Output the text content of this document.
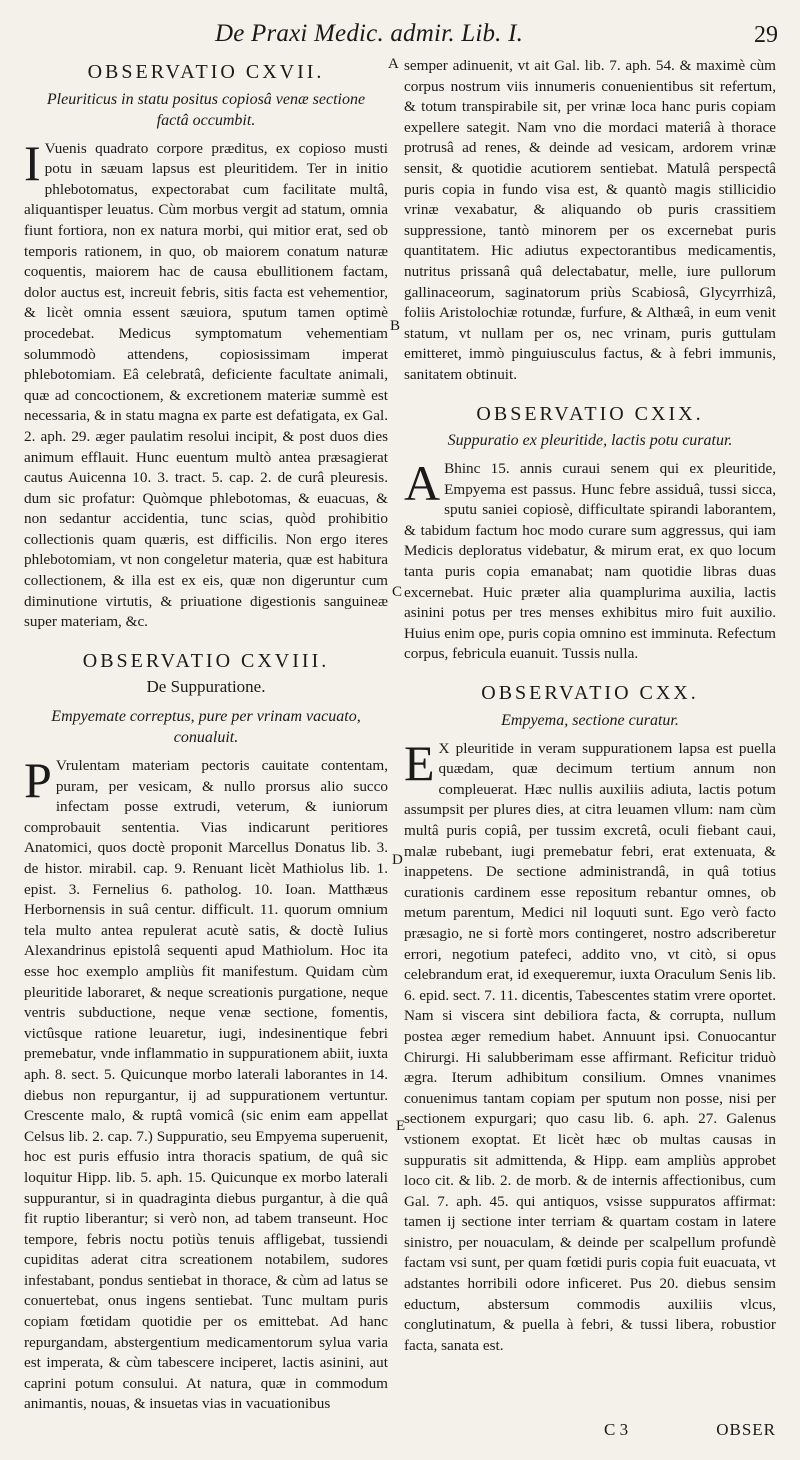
De Praxi Medic. admir. Lib. I.	29
OBSERVATIO CXVII.
Pleuriticus in statu positus copiosâ venæ sectione factâ occumbit.
I Vuenis quadrato corpore præditus, ex copioso musti potu in sæuam lapsus est pleuritidem. Ter in initio phlebotomatus, expectorabat cum facilitate multâ, aliquantisper leuatus. Cùm morbus vergit ad statum, omnia fiunt fortiora, non ex natura morbi, qui mitior erat, sed ob temporis rationem, in quo, ob maiorem conatum naturæ coquentis, maiorem hac de causa ebullitionem factam, dolor auctus est, increuit febris, sitis facta est vehementior, & licèt omnia essent sæuiora, sputum tamen optimè procedebat. Medicus symptomatum vehementiam solummodò attendens, copiosissimam imperat phlebotomiam. Eâ celebratâ, deficiente facultate animali, quæ ad concoctionem, & excretionem materiæ summè est necessaria, & in statu magna ex parte est defatigata, ex Gal. 2. aph. 29. æger paulatim resolui incipit, & post duos dies animum efflauit. Hunc euentum multò antea præsagierat cautus Auicenna 10. 3. tract. 5. cap. 2. de curâ pleuresis. dum sic profatur: Quòmque phlebotomas, & euacuas, & non sedantur accidentia, tunc scias, quòd prohibitio collectionis quam quæris, est difficilis. Non ergo iteres phlebotomiam, vt non congeletur materia, quæ est habitura collectionem, & illa est ex eis, quæ non digeruntur cum diminutione virtutis, & priuatione digestionis sanguineæ super materiam, &c.

OBSERVATIO CXVIII.
De Suppuratione.
Empyemate correptus, pure per vrinam vacuato, conualuit.
P Vrulentam materiam pectoris cauitate contentam, puram, per vesicam, & nullo prorsus alio succo infectam posse extrudi, veterum, & iuniorum comprobauit sententia. Vias indicarunt peritiores Anatomici, quos doctè proponit Marcellus Donatus lib. 3. de histor. mirabil. cap. 9. Renuant licèt Mathiolus lib. 1. epist. 3. Fernelius 6. patholog. 10. Ioan. Matthæus Herbornensis in suâ centur. difficult. 11. quorum omnium tela multo antea repulerat acutè satis, & doctè Iulius Alexandrinus epistolâ sequenti apud Mathiolum. Hoc ita esse hoc exemplo ampliùs fit manifestum. Quidam cùm pleuritide laboraret, & neque screationis purgatione, neque ventris subductione, neque venæ sectione, fomentis, victûsque ratione leuaretur, iugi, indesinentique febri premebatur, vnde inflammatio in suppurationem abiit, iuxta aph. 8. sect. 5. Quicunque morbo laterali laborantes in 14. diebus non repurgantur, ij ad suppurationem vertuntur. Crescente malo, & ruptâ vomicâ (sic enim eam appellat Celsus lib. 2. cap. 7.) Suppuratio, seu Empyema superuenit, hoc est puris effusio intra thoracis spatium, de quâ sic loquitur Hipp. lib. 5. aph. 15. Quicunque ex morbo laterali suppurantur, si in quadraginta diebus purgantur, à die quâ fit ruptio liberantur; si verò non, ad tabem transeunt. Hoc tempore, febris noctu potiùs tenuis affligebat, tussiendi cupiditas aderat citra screationem notabilem, sudores infestabant, pondus sentiebat in thorace, & cùm ad latus se conuertebat, onus ingens sentiebat. Tunc multam puris copiam fœtidam quotidie per os emittebat. Ad hanc repurgandam, abstergentium medicamentorum sylua varia est imperata, & cùm tabescere inciperet, lactis asinini, aut caprini potum consului. At natura, quæ in commodum animantis, nouas, & insuetas vias in vacuationibus

A
B
C
D
E

semper adinuenit, vt ait Gal. lib. 7. aph. 54. & maximè cùm corpus nostrum viis innumeris conuenientibus sit refertum, & totum transpirabile sit, per vrinæ loca hanc puris copiam expellere sategit. Nam vno die mordaci materiâ à thorace protrusâ ad renes, & deinde ad vesicam, ardorem vrinæ sensit, & quotidie acutiorem sentiebat. Matulâ perspectâ puris copia in fundo visa est, & quantò magis stillicidio vrinæ vexabatur, & aliquando ob puris crassitiem suppressione, tantò minorem per os excernebat puris quantitatem. Hic adiutus expectorantibus medicamentis, nutritus prissanâ quâ delectabatur, melle, iure pullorum gallinaceorum, saginatorum priùs Scabiosâ, Glycyrrhizâ, foliis Aristolochiæ rotundæ, furfure, & Althæâ, in eum venit statum, vt nullam per os, nec vrinam, puris guttulam emitteret, immò pinguiusculus factus, & à febri immunis, sanitatem obtinuit.

OBSERVATIO CXIX.
Suppuratio ex pleuritide, lactis potu curatur.
A Bhinc 15. annis curaui senem qui ex pleuritide, Empyema est passus. Hunc febre assiduâ, tussi sicca, sputu saniei copiosè, difficultate spirandi laborantem, & tabidum factum hoc modo curare sum aggressus, qui iam Medicis deploratus videbatur, & mirum erat, ex quo locum tanta puris copia emanabat; nam quotidie libras duas excernebat. Huic præter alia quamplurima auxilia, lactis asinini potus per tres menses exhibitus miro fuit auxilio. Huius enim ope, puris copia omnino est imminuta. Refectum corpus, febricula euanuit. Tussis nulla.

OBSERVATIO CXX.
Empyema, sectione curatur.
E X pleuritide in veram suppurationem lapsa est puella quædam, quæ decimum tertium annum non compleuerat. Hæc nullis auxiliis adiuta, lactis potum assumpsit per plures dies, at citra leuamen vllum: nam cùm multâ puris copiâ, per tussim excretâ, oculi fiebant caui, malæ rubebant, iugi premebatur febri, erat extenuata, & inappetens. De sectione administrandâ, in quâ totius curationis cardinem esse repositum rebantur omnes, ob metum parentum, Medici nil loquuti sunt. Ego verò facto præsagio, ne si fortè mors contingeret, nostro adscriberetur errori, negotium patefeci, addito vno, vt citò, si opus celebrandum erat, id exequeremur, iuxta Oraculum Senis lib. 6. epid. sect. 7. 11. dicentis, Tabescentes statim vrere oportet. Nam si viscera sint debiliora facta, & corrupta, nullum postea æger remedium habet. Annuunt ipsi. Conuocantur Chirurgi. Hi salubberimam esse affirmant. Reficitur triduò ægra. Iterum adhibitum consilium. Omnes vnanimes conuenimus tantam copiam per sputum non posse, nisi per sectionem expurgari; quo casu lib. 6. aph. 27. Galenus vstionem exoptat. Et licèt hæc ob multas causas in suppuratis sit admittenda, & Hipp. eam ampliùs approbet loco cit. & lib. 2. de morb. & de internis affectionibus, cum Gal. 7. aph. 45. qui antiquos, vsisse suppuratos affirmat: tamen ij sectione inter terriam & quartam costam in latere sinistro, per nouaculam, & deinde per scalpellum profundè factam vsi sunt, per quam fœtidi puris copia fuit euacuata, vt adstantes horribili odore inficeret. Pus 20. diebus sensim eductum, abstersum commodis auxiliis vlcus, conglutinatum, & puella à febri, & tussi libera, robustior facta, sanata est.

C 3	OBSER
